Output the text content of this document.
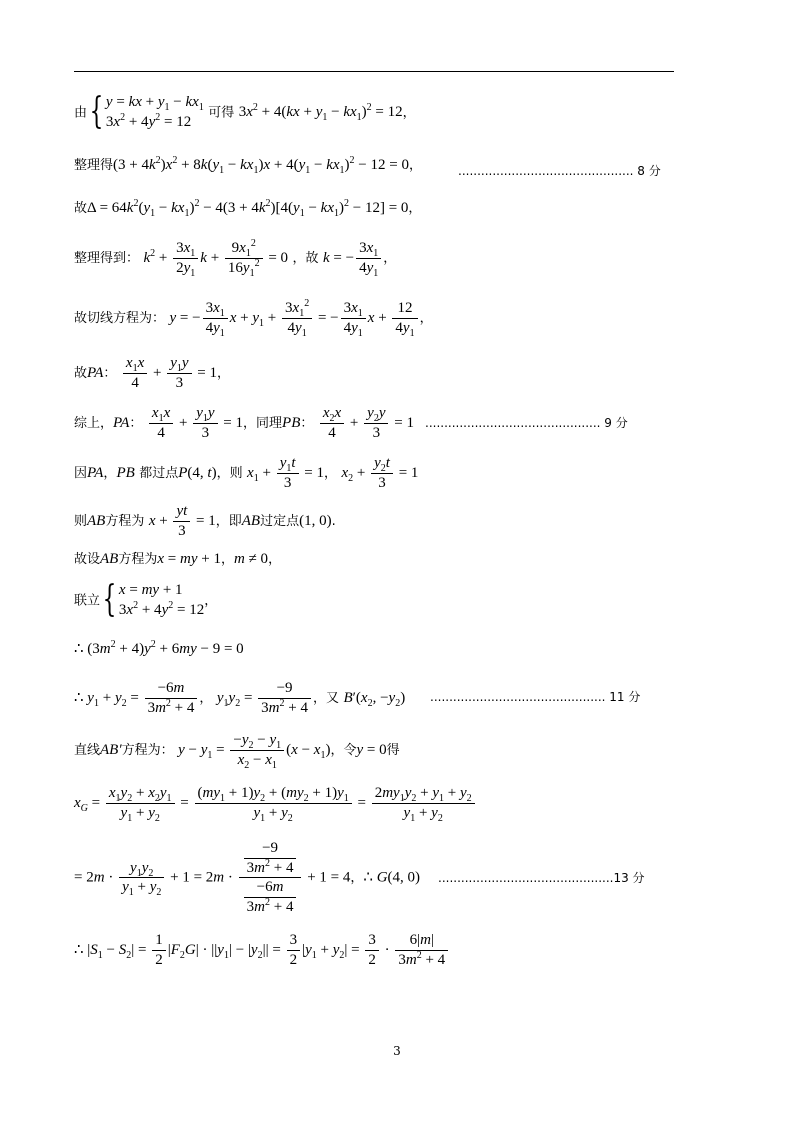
由{ y = kx + $y_1 - kx_1$
$3x^2 + 4y^2 = 12$
可得 $3x^2 + 4(kx + y_1 - kx_1)^2 = 12$，
整理得$(3 + 4k^2)x^2 + 8k(y_1 - kx_1)x + 4(y_1 - kx_1)^2 - 12 = 0$，	.............................................. 8 分
故$\Delta = 64k^2(y_1 - kx_1)^2 - 4(3 + 4k^2)[4(y_1 - kx_1)^2 - 12] = 0$，
整理得到： $k^2 + \frac{3x_1}{2y_1}$ $k + \frac{9x_1^2}{16y_1^2} = 0$ ，故 k = − $\frac{3x_1}{4y_1}$ ，
故切线方程为： y = − $\frac{3x_1}{4y_1}$ $x + y_1 + \frac{3x_1^2}{4y_1}$ = − $\frac{3x_1}{4y_1}$ $x + \frac{12}{4y_1}$ ，
故PA： $\frac{x_1x}{4} + \frac{y_1y}{3} = 1$，
综上，PA： $\frac{x_1x}{4} + \frac{y_1y}{3} = 1$，同理PB： $\frac{x_2x}{4} + \frac{y_2y}{3} = 1$ .............................................. 9 分
因PA，PB 都过点P(4, t)，则 $x_1 + \frac{y_1t}{3} = 1$， $x_2 + \frac{y_2t}{3} = 1$
则AB方程为 $x + \frac{yt}{3} = 1$，即AB过定点(1, 0).
故设AB方程为x = my + 1，m ≠ 0，
联立{ x = my + 1
$3x^2 + 4y^2 = 12$
，
∴ $(3m^2 + 4)y^2 + 6my - 9 = 0$
∴ $y_1 + y_2 = \frac{-6m}{3m^2 + 4}$ ， $y_1y_2 = \frac{-9}{3m^2 + 4}$ ，又 $B'(x_2$, $-y_2$) .............................................. 11 分
直线AB′方程为： $y - y_1 = \frac{-y_2 - y_1}{x_2 - x_1} (x - x_1)$，令y = 0得
$x_G = \frac{x_1y_2 + x_2y_1}{y_1 + y_2} = \frac{(my_1 + 1)y_2 + (my_2 + 1)y_1}{y_1 + y_2} = \frac{2my_1y_2 + y_1 + y_2}{y_1 + y_2}$
= $2m \cdot \frac{y_1y_2}{y_1 + y_2} + 1 = 2m \cdot \frac{\frac{-9}{3m^2 + 4}}{\frac{-6m}{3m^2 + 4}} + 1 = 4$，∴ G(4, 0) ..............................................13 分
∴ $|S_1 - S_2| = \frac{1}{2} |F_2G| \cdot ||y_1| - |y_2|| = \frac{3}{2} |y_1 + y_2| = \frac{3}{2} \cdot \frac{6|m|}{3m^2 + 4}$
3
